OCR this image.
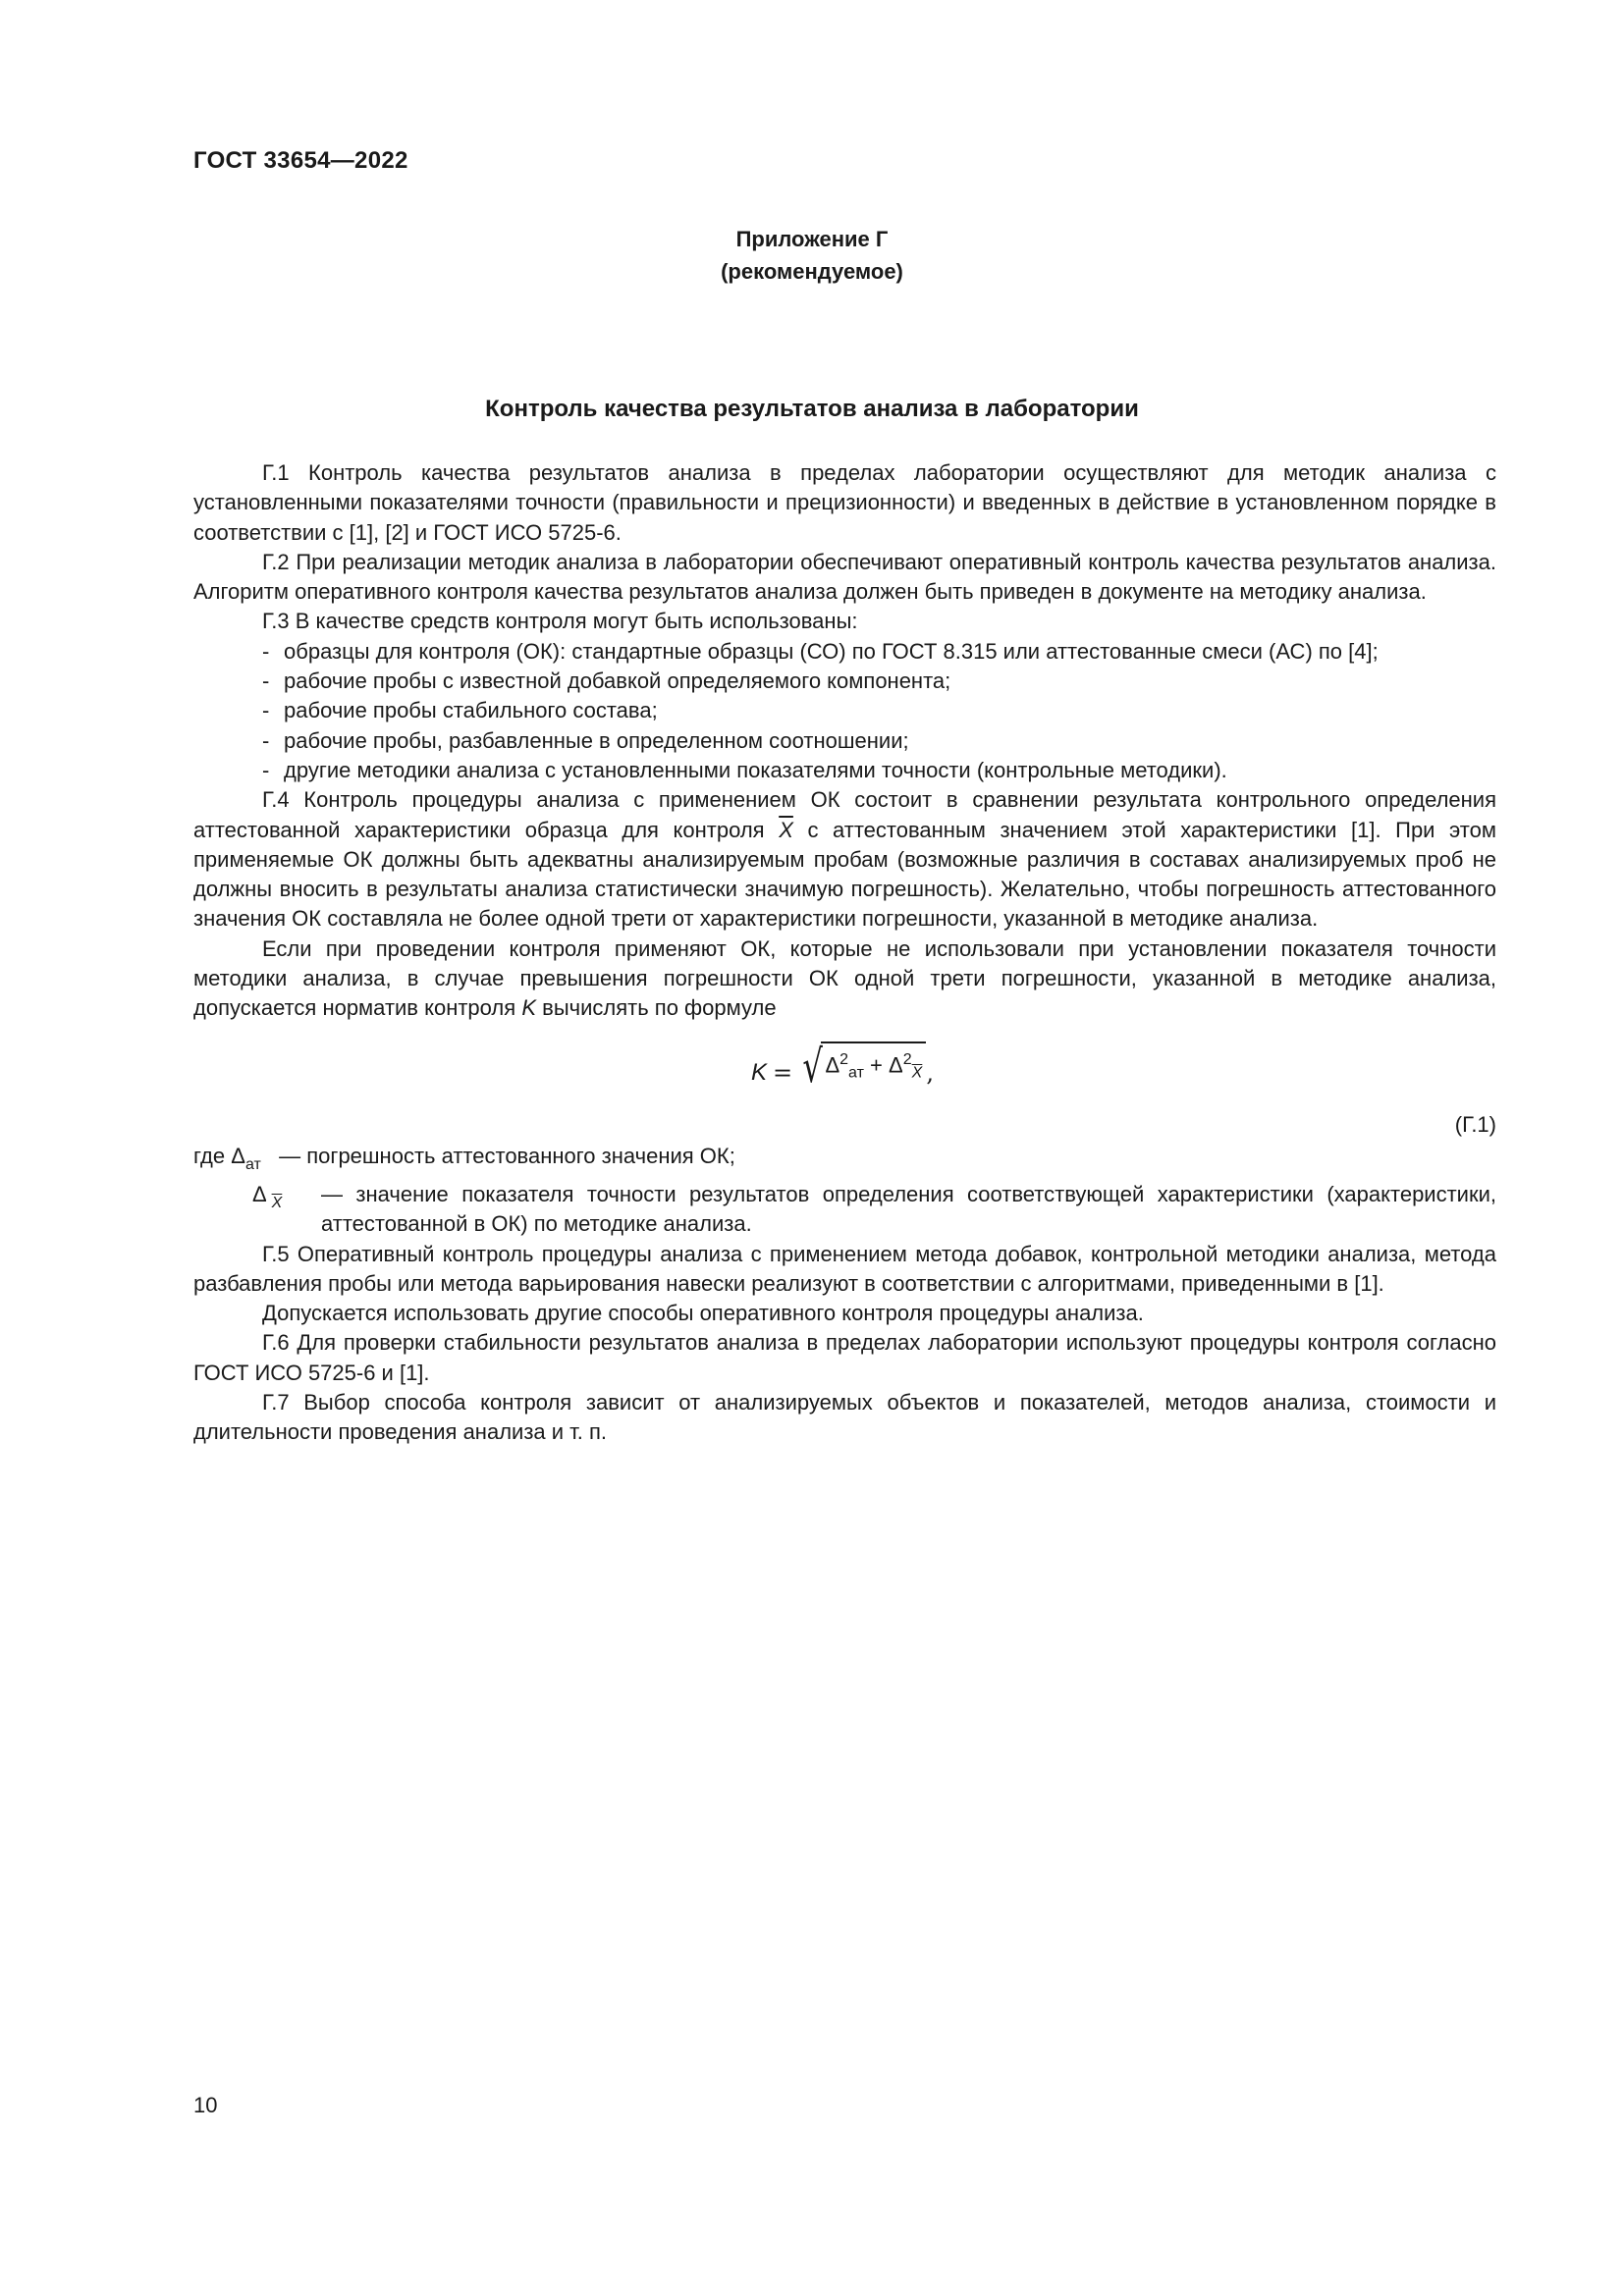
ГОСТ 33654—2022
Приложение Г
(рекомендуемое)
Контроль качества результатов анализа в лаборатории

Г.1 Контроль качества результатов анализа в пределах лаборатории осуществляют для методик анализа с установленными показателями точности (правильности и прецизионности) и введенных в действие в установленном порядке в соответствии с [1], [2] и ГОСТ ИСО 5725-6.

Г.2 При реализации методик анализа в лаборатории обеспечивают оперативный контроль качества результатов анализа. Алгоритм оперативного контроля качества результатов анализа должен быть приведен в документе на методику анализа.

Г.3 В качестве средств контроля могут быть использованы:

- образцы для контроля (ОК): стандартные образцы (СО) по ГОСТ 8.315 или аттестованные смеси (АС) по [4];

- рабочие пробы с известной добавкой определяемого компонента;

- рабочие пробы стабильного состава;

- рабочие пробы, разбавленные в определенном соотношении;

- другие методики анализа с установленными показателями точности (контрольные методики).

Г.4 Контроль процедуры анализа с применением ОК состоит в сравнении результата контрольного определения аттестованной характеристики образца для контроля $\overline{X}$ с аттестованным значением этой характеристики [1]. При этом применяемые ОК должны быть адекватны анализируемым пробам (возможные различия в составах анализируемых проб не должны вносить в результаты анализа статистически значимую погрешность). Желательно, чтобы погрешность аттестованного значения ОК составляла не более одной трети от характеристики погрешности, указанной в методике анализа.

Если при проведении контроля применяют ОК, которые не использовали при установлении показателя точности методики анализа, в случае превышения погрешности ОК одной трети погрешности, указанной в методике анализа, допускается норматив контроля K вычислять по формуле

K = √ $\Delta^2_{ат} + \Delta^2_{\overline{X}}$ ,
(Г.1)

где $\Delta_{ат}$ — погрешность аттестованного значения ОК;

Δ $_{\overline{X}}$ — значение показателя точности результатов определения соответствующей характеристики (характеристики, аттестованной в ОК) по методике анализа.

Г.5 Оперативный контроль процедуры анализа с применением метода добавок, контрольной методики анализа, метода разбавления пробы или метода варьирования навески реализуют в соответствии с алгоритмами, приведенными в [1].

Допускается использовать другие способы оперативного контроля процедуры анализа.

Г.6 Для проверки стабильности результатов анализа в пределах лаборатории используют процедуры контроля согласно ГОСТ ИСО 5725-6 и [1].

Г.7 Выбор способа контроля зависит от анализируемых объектов и показателей, методов анализа, стоимости и длительности проведения анализа и т. п.

10
